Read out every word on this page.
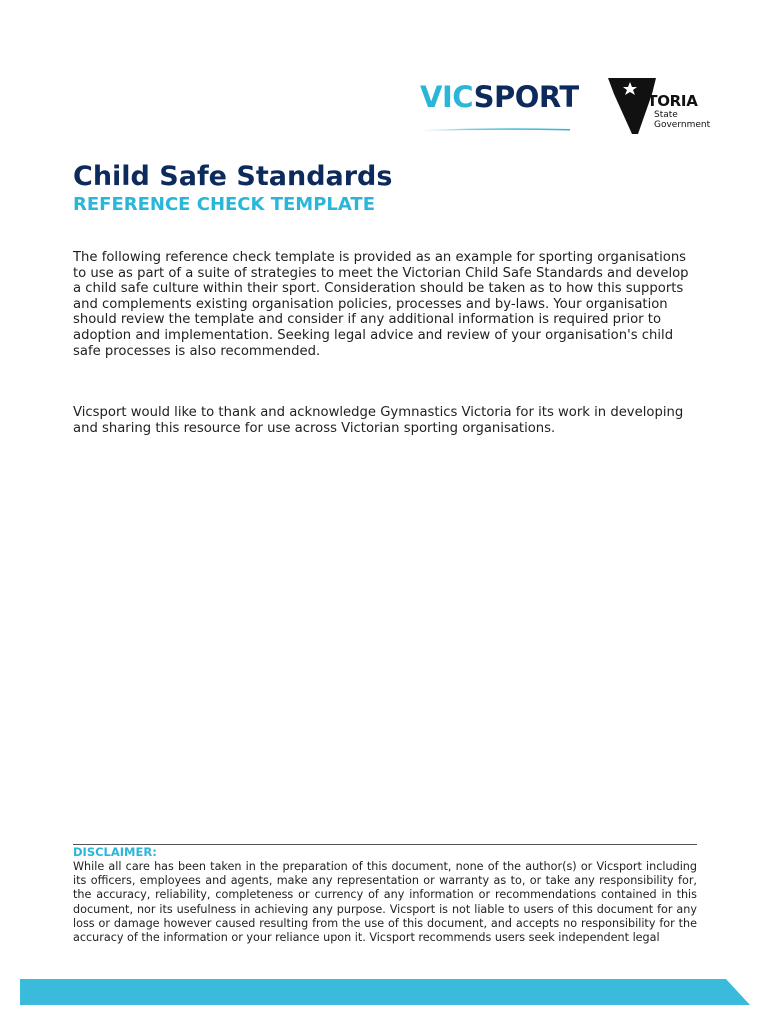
VICSPORT	VICTORIA
State
Government
Child Safe Standards
REFERENCE CHECK TEMPLATE

The following reference check template is provided as an example for sporting organisations to use as part of a suite of strategies to meet the Victorian Child Safe Standards and develop a child safe culture within their sport. Consideration should be taken as to how this supports and complements existing organisation policies, processes and by-laws. Your organisation should review the template and consider if any additional information is required prior to adoption and implementation. Seeking legal advice and review of your organisation's child safe processes is also recommended.

Vicsport would like to thank and acknowledge Gymnastics Victoria for its work in developing and sharing this resource for use across Victorian sporting organisations.

DISCLAIMER:

While all care has been taken in the preparation of this document, none of the author(s) or Vicsport including its officers, employees and agents, make any representation or warranty as to, or take any responsibility for, the accuracy, reliability, completeness or currency of any information or recommendations contained in this document, nor its usefulness in achieving any purpose. Vicsport is not liable to users of this document for any loss or damage however caused resulting from the use of this document, and accepts no responsibility for the accuracy of the information or your reliance upon it. Vicsport recommends users seek independent legal
